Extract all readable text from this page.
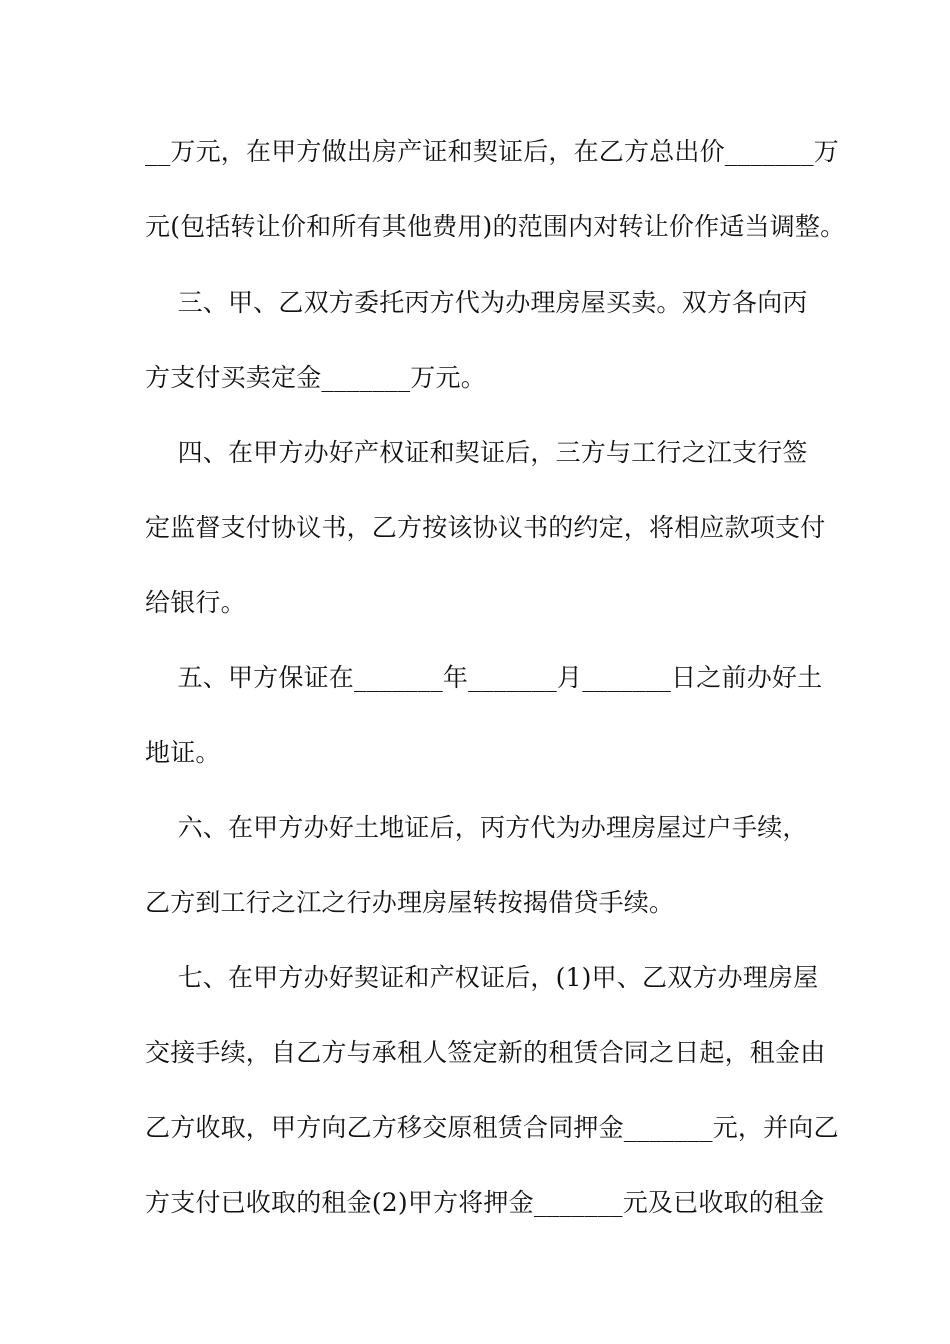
__万元，在甲方做出房产证和契证后，在乙方总出价_______万
元(包括转让价和所有其他费用)的范围内对转让价作适当调整。
三、甲、乙双方委托丙方代为办理房屋买卖。双方各向丙
方支付买卖定金_______万元。
四、在甲方办好产权证和契证后，三方与工行之江支行签
定监督支付协议书，乙方按该协议书的约定，将相应款项支付
给银行。
五、甲方保证在_______年_______月_______日之前办好土
地证。
六、在甲方办好土地证后，丙方代为办理房屋过户手续，
乙方到工行之江之行办理房屋转按揭借贷手续。
七、在甲方办好契证和产权证后，(1)甲、乙双方办理房屋
交接手续，自乙方与承租人签定新的租赁合同之日起，租金由
乙方收取，甲方向乙方移交原租赁合同押金_______元，并向乙
方支付已收取的租金(2)甲方将押金_______元及已收取的租金
